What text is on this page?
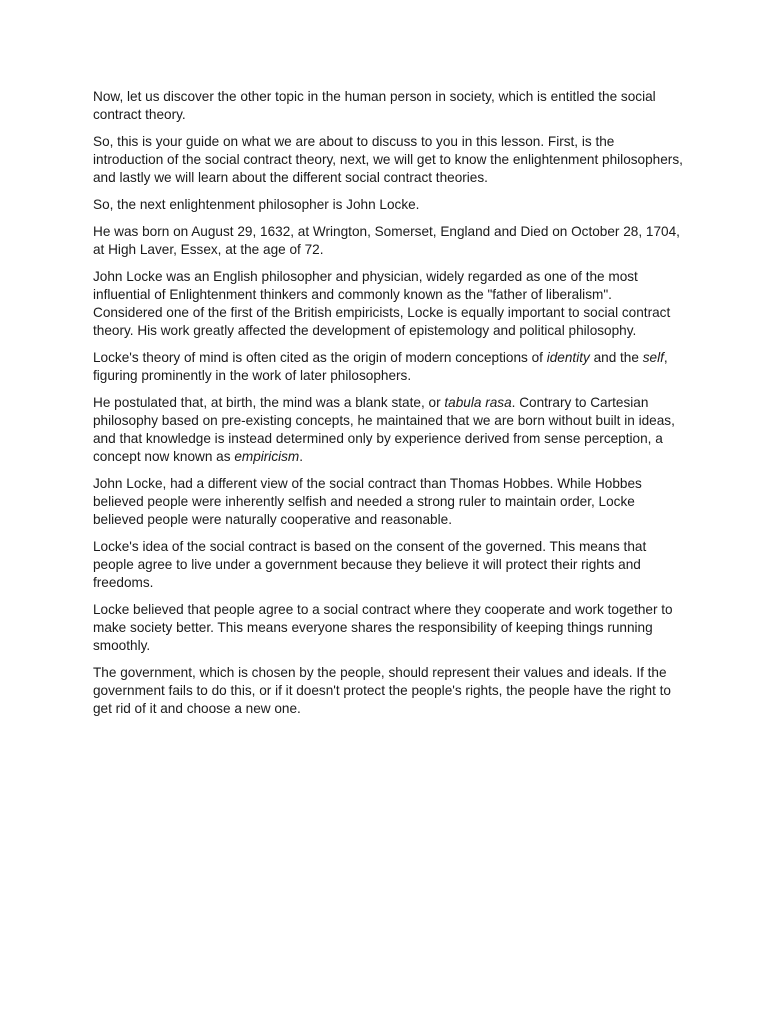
Now, let us discover the other topic in the human person in society, which is entitled the social contract theory.

So, this is your guide on what we are about to discuss to you in this lesson. First, is the introduction of the social contract theory, next, we will get to know the enlightenment philosophers, and lastly we will learn about the different social contract theories.

So, the next enlightenment philosopher is John Locke.

He was born on August 29, 1632, at Wrington, Somerset, England and Died on October 28, 1704, at High Laver, Essex, at the age of 72.

John Locke was an English philosopher and physician, widely regarded as one of the most influential of Enlightenment thinkers and commonly known as the "father of liberalism". Considered one of the first of the British empiricists, Locke is equally important to social contract theory. His work greatly affected the development of epistemology and political philosophy.

Locke's theory of mind is often cited as the origin of modern conceptions of identity and the self, figuring prominently in the work of later philosophers.

He postulated that, at birth, the mind was a blank state, or tabula rasa. Contrary to Cartesian philosophy based on pre-existing concepts, he maintained that we are born without built in ideas, and that knowledge is instead determined only by experience derived from sense perception, a concept now known as empiricism.

John Locke, had a different view of the social contract than Thomas Hobbes. While Hobbes believed people were inherently selfish and needed a strong ruler to maintain order, Locke believed people were naturally cooperative and reasonable.

Locke's idea of the social contract is based on the consent of the governed. This means that people agree to live under a government because they believe it will protect their rights and freedoms.

Locke believed that people agree to a social contract where they cooperate and work together to make society better. This means everyone shares the responsibility of keeping things running smoothly.

The government, which is chosen by the people, should represent their values and ideals. If the government fails to do this, or if it doesn't protect the people's rights, the people have the right to get rid of it and choose a new one.
